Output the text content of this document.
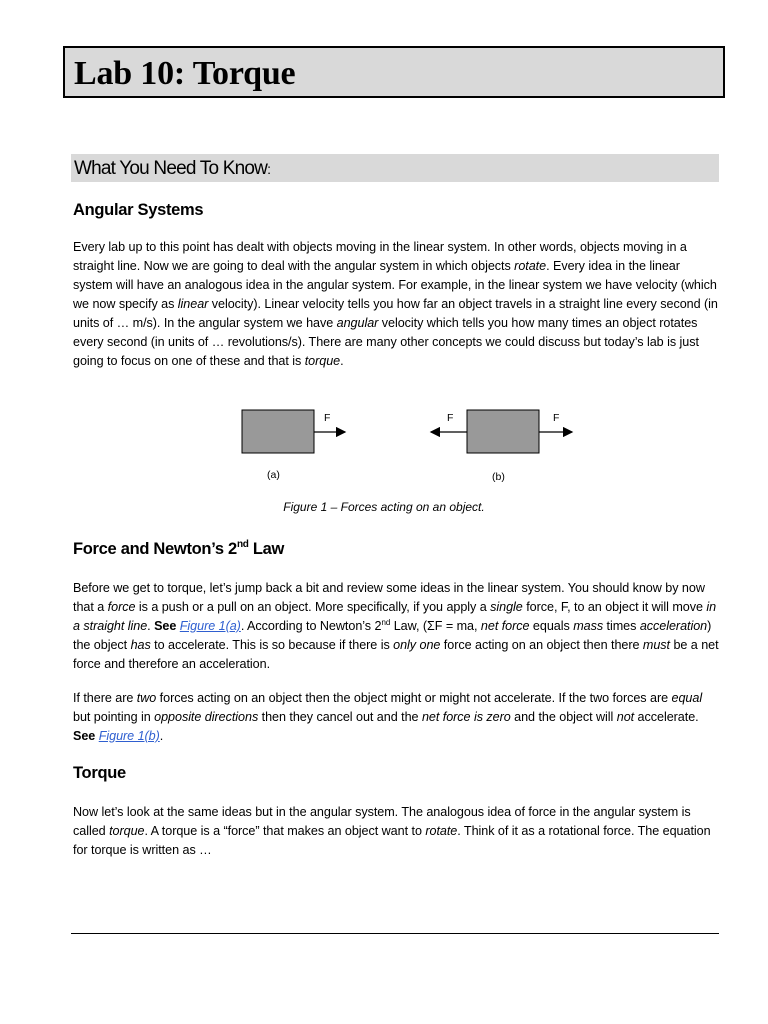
Lab 10: Torque
What You Need To Know:
Angular Systems

Every lab up to this point has dealt with objects moving in the linear system. In other words, objects moving in a straight line. Now we are going to deal with the angular system in which objects rotate. Every idea in the linear system will have an analogous idea in the angular system. For example, in the linear system we have velocity (which we now specify as linear velocity). Linear velocity tells you how far an object travels in a straight line every second (in units of … m/s). In the angular system we have angular velocity which tells you how many times an object rotates every second (in units of … revolutions/s). There are many other concepts we could discuss but today’s lab is just going to focus on one of these and that is torque.

F	F	F
(a)	(b)
Figure 1 – Forces acting on an object.
Force and Newton’s 2nd Law

Before we get to torque, let’s jump back a bit and review some ideas in the linear system. You should know by now that a force is a push or a pull on an object. More specifically, if you apply a single force, F, to an object it will move in a straight line. See Figure 1(a). According to Newton’s 2nd Law, (ΣF = ma, net force equals mass times acceleration) the object has to accelerate. This is so because if there is only one force acting on an object then there must be a net force and therefore an acceleration.

If there are two forces acting on an object then the object might or might not accelerate. If the two forces are equal but pointing in opposite directions then they cancel out and the net force is zero and the object will not accelerate. See Figure 1(b).

Torque

Now let’s look at the same ideas but in the angular system. The analogous idea of force in the angular system is called torque. A torque is a “force” that makes an object want to rotate. Think of it as a rotational force. The equation for torque is written as …
